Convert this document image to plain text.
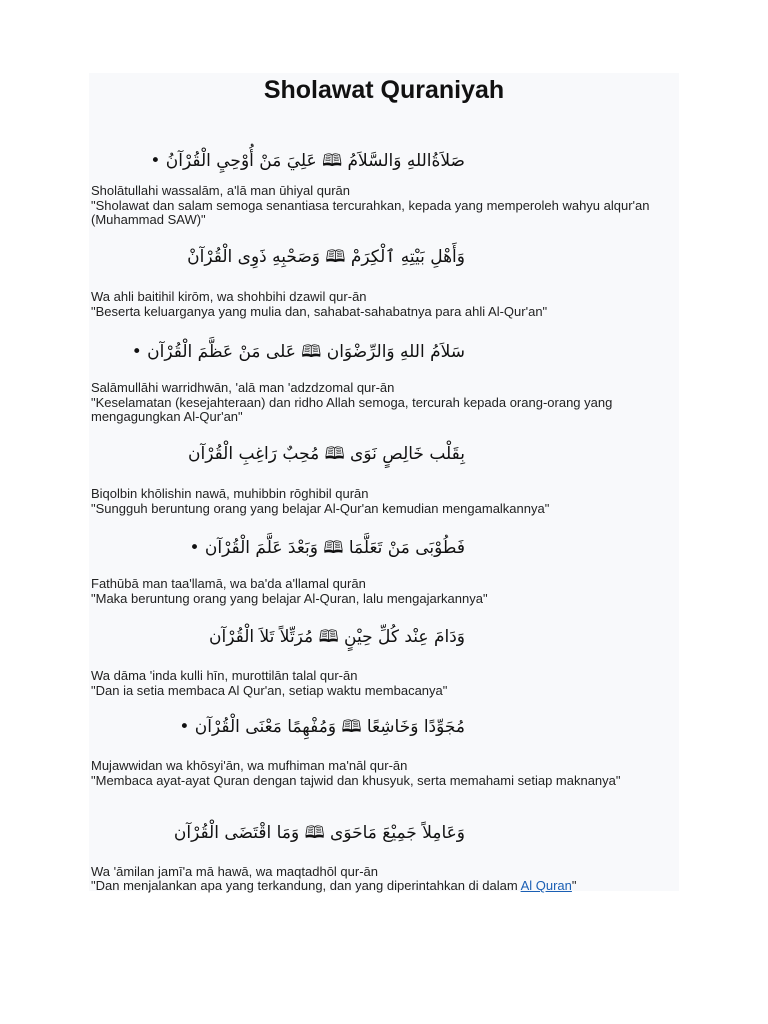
Sholawat Quraniyah
صَلاَةُاللهِ وَالسَّلاَمُ 🕮 عَلِيَ مَنْ أُوْحِيِ الْقُرْآنُ •
Sholātullahi wassalām, a'lā man ūhiyal qurān
"Sholawat dan salam semoga senantiasa tercurahkan, kepada yang memperoleh wahyu alqur'an (Muhammad SAW)"
وَأَهْلِ بَيْتِهِ ٱلْكِرَمْ 🕮 وَصَحْبِهِ ذَوِى الْقُرْآنْ
Wa ahli baitihil kirōm, wa shohbihi dzawil qur-ān
"Beserta keluarganya yang mulia dan, sahabat-sahabatnya para ahli Al-Qur'an"
سَلاَمُ اللهِ وَالرِّضْوَان 🕮 عَلى مَنْ عَظَّمَ الْقُرْآن •
Salāmullāhi warridhwān, 'alā man 'adzdzomal qur-ān
"Keselamatan (kesejahteraan) dan ridho Allah semoga, tercurah kepada orang-orang yang mengagungkan Al-Qur'an"
بِقَلْب خَالِصٍ نَوَى 🕮 مُحِبٌ رَاغِبِ الْقُرْآن
Biqolbin khōlishin nawā, muhibbin rōghibil qurān
"Sungguh beruntung orang yang belajar Al-Qur'an kemudian mengamalkannya"
فَطُوْبَى مَنْ تَعَلَّمَا 🕮 وَبَعْدَ عَلَّمَ الْقُرْآن •
Fathūbā man taa'llamā, wa ba'da a'llamal qurān
"Maka beruntung orang yang belajar Al-Quran, lalu mengajarkannya"
وَدَامَ عِنْد كُلِّ حِيْنٍ 🕮 مُرَتِّلاً تَلاَ الْقُرْآن
Wa dāma 'inda kulli hīn, murottilān talal qur-ān
"Dan ia setia membaca Al Qur'an, setiap waktu membacanya"
مُجَوِّدًا وَخَاشِعًا 🕮 وَمُفْهِمًا مَعْنَى الْقُرْآن •
Mujawwidan wa khōsyi'ān, wa mufhiman ma'nāl qur-ān
"Membaca ayat-ayat Quran dengan tajwid dan khusyuk, serta memahami setiap maknanya"
وَعَامِلاً جَمِيْعَ مَاحَوَى 🕮 وَمَا اقْتَضَى الْقُرْآن
Wa 'āmilan jamī'a mā hawā, wa maqtadhōl qur-ān
"Dan menjalankan apa yang terkandung, dan yang diperintahkan di dalam Al Quran"
